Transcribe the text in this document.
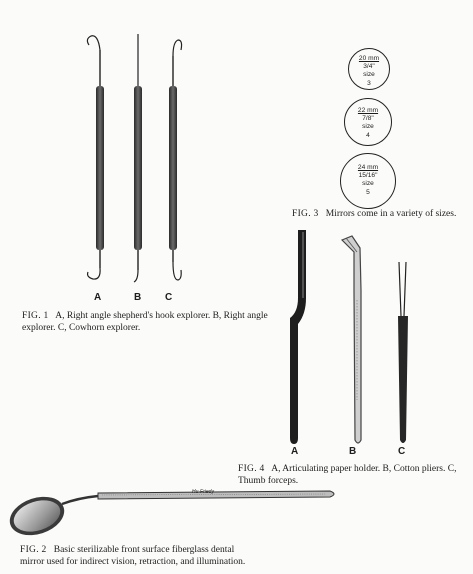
A	B C
FIG. 1 A, Right angle shepherd's hook explorer. B, Right angle explorer. C, Cowhorn explorer.
20 mm
3/4"
size
3
22 mm
7/8"
size
4
24 mm
15/16"
size
5
FIG. 3 Mirrors come in a variety of sizes.
A	B	C
FIG. 4 A, Articulating paper holder. B, Cotton pliers. C, Thumb forceps.
Hu-Friedy
FIG. 2 Basic sterilizable front surface fiberglass dental mirror used for indirect vision, retraction, and illumination.
